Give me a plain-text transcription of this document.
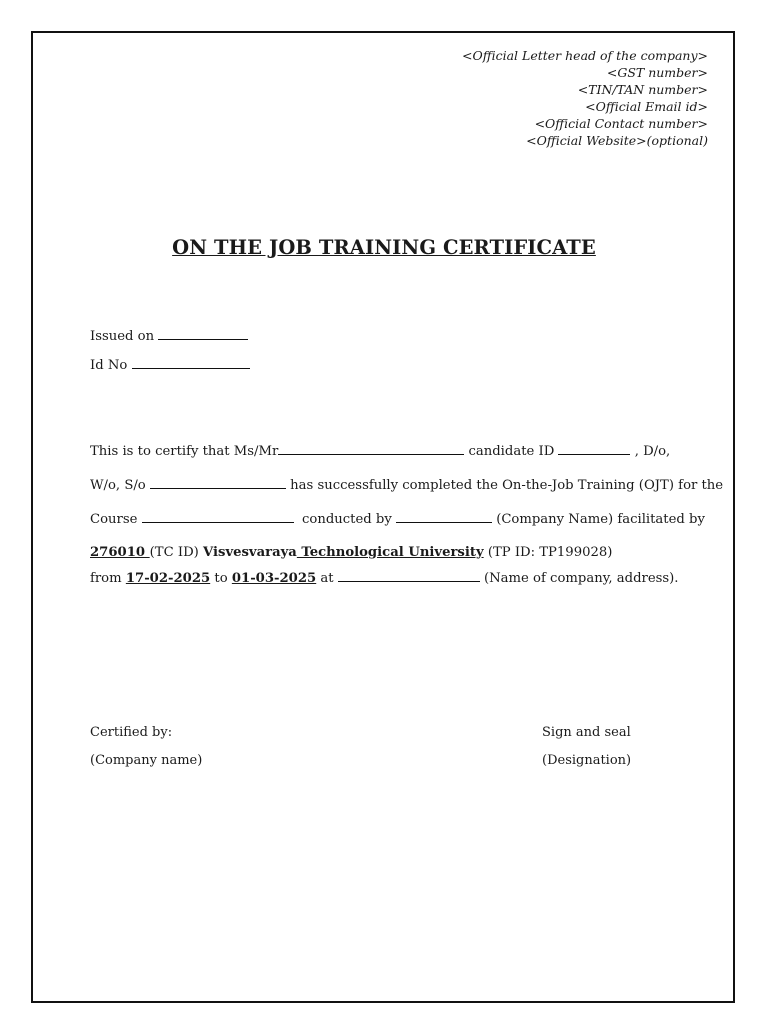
<Official Letter head of the company>
<GST number>
<TIN/TAN number>
<Official Email id>
<Official Contact number>
<Official Website>(optional)
ON THE JOB TRAINING CERTIFICATE
Issued on
Id No
This is to certify that Ms/Mr	candidate ID	, D/o,
W/o, S/o	has successfully completed the On-the-Job Training (OJT) for the
Course	conducted by	(Company Name) facilitated by
276010 (TC ID) Visvesvaraya Technological University (TP ID: TP199028)
from 17-02-2025 to 01-03-2025 at	(Name of company, address).
Certified by:
(Company name)
Sign and seal
(Designation)
